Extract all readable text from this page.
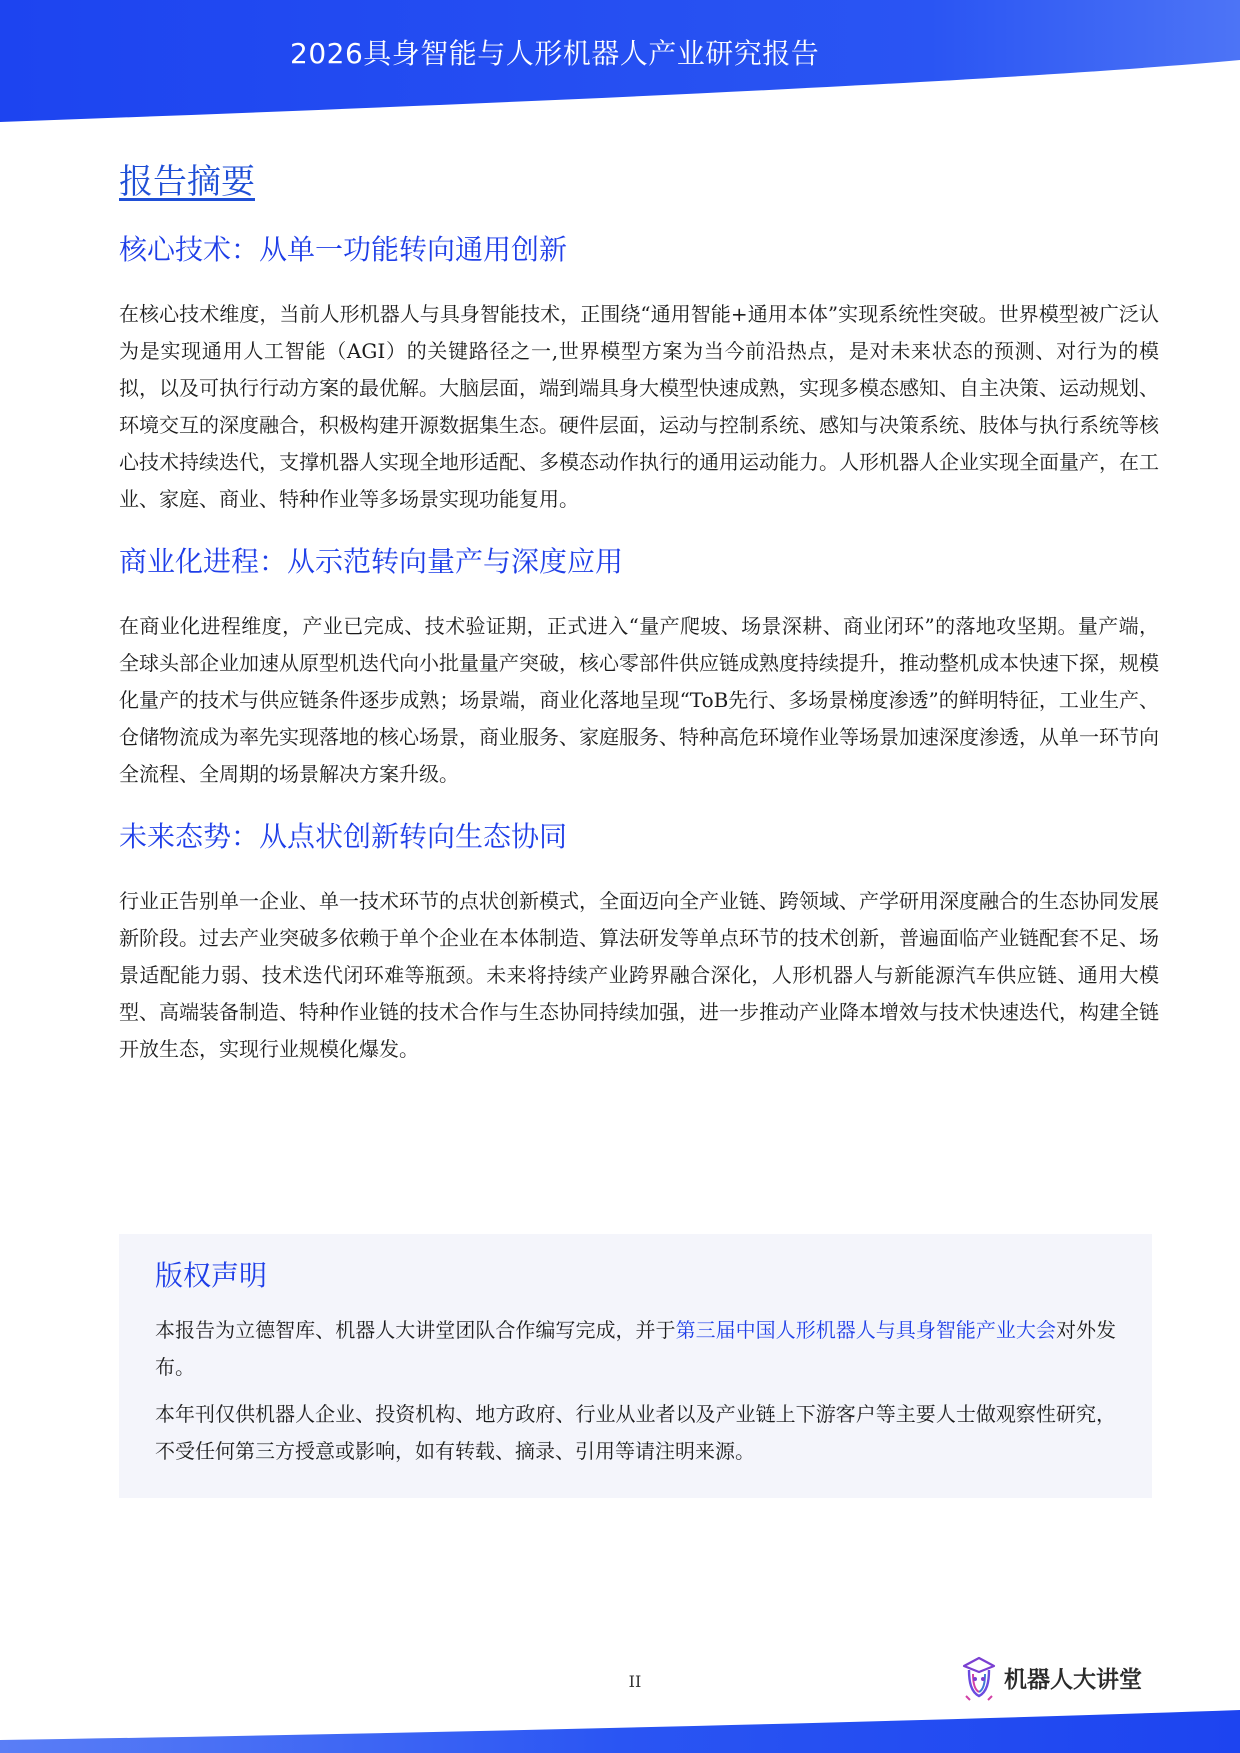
2026具身智能与人形机器人产业研究报告
报告摘要
核心技术：从单一功能转向通用创新

在核心技术维度，当前人形机器人与具身智能技术，正围绕“通用智能+通用本体”实现系统性突破。世界模型被广泛认为是实现通用人工智能（AGI）的关键路径之一,世界模型方案为当今前沿热点，是对未来状态的预测、对行为的模拟，以及可执行行动方案的最优解。大脑层面，端到端具身大模型快速成熟，实现多模态感知、自主决策、运动规划、环境交互的深度融合，积极构建开源数据集生态。硬件层面，运动与控制系统、感知与决策系统、肢体与执行系统等核心技术持续迭代，支撑机器人实现全地形适配、多模态动作执行的通用运动能力。人形机器人企业实现全面量产，在工业、家庭、商业、特种作业等多场景实现功能复用。

商业化进程：从示范转向量产与深度应用

在商业化进程维度，产业已完成、技术验证期，正式进入“量产爬坡、场景深耕、商业闭环”的落地攻坚期。量产端，全球头部企业加速从原型机迭代向小批量量产突破，核心零部件供应链成熟度持续提升，推动整机成本快速下探，规模化量产的技术与供应链条件逐步成熟；场景端，商业化落地呈现“ToB先行、多场景梯度渗透”的鲜明特征，工业生产、仓储物流成为率先实现落地的核心场景，商业服务、家庭服务、特种高危环境作业等场景加速深度渗透，从单一环节向全流程、全周期的场景解决方案升级。

未来态势：从点状创新转向生态协同

行业正告别单一企业、单一技术环节的点状创新模式，全面迈向全产业链、跨领域、产学研用深度融合的生态协同发展新阶段。过去产业突破多依赖于单个企业在本体制造、算法研发等单点环节的技术创新，普遍面临产业链配套不足、场景适配能力弱、技术迭代闭环难等瓶颈。未来将持续产业跨界融合深化，人形机器人与新能源汽车供应链、通用大模型、高端装备制造、特种作业链的技术合作与生态协同持续加强，进一步推动产业降本增效与技术快速迭代，构建全链开放生态，实现行业规模化爆发。

版权声明

本报告为立德智库、机器人大讲堂团队合作编写完成，并于第三届中国人形机器人与具身智能产业大会对外发布。

本年刊仅供机器人企业、投资机构、地方政府、行业从业者以及产业链上下游客户等主要人士做观察性研究，不受任何第三方授意或影响，如有转载、摘录、引用等请注明来源。

II	机器人大讲堂
